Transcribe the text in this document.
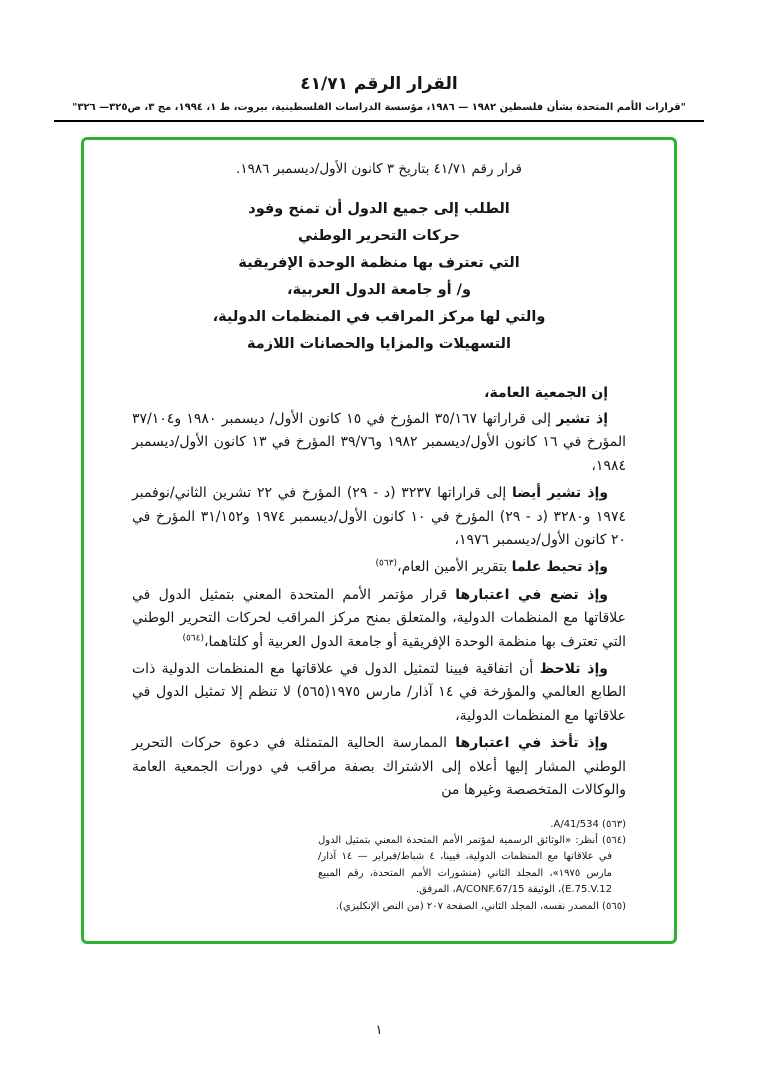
القرار الرقم ٤١/٧١
"قرارات الأمم المتحدة بشأن فلسطين ١٩٨٢ — ١٩٨٦، مؤسسة الدراسات الفلسطينية، بيروت، ط ١، ١٩٩٤، مج ٣، ص٣٢٥— ٣٢٦"

قرار رقم ٤١/٧١ بتاريخ ٣ كانون الأول/ديسمبر ١٩٨٦.

الطلب إلى جميع الدول أن تمنح وفود
حركات التحرير الوطني
التي تعترف بها منظمة الوحدة الإفريقية
و/ أو جامعة الدول العربية،
والتي لها مركز المراقب في المنظمات الدولية،
التسهيلات والمزايا والحصانات اللازمة

إن الجمعية العامة،

إذ تشير إلى قراراتها ٣٥/١٦٧ المؤرخ في ١٥ كانون الأول/ ديسمبر ١٩٨٠ و٣٧/١٠٤ المؤرخ في ١٦ كانون الأول/ديسمبر ١٩٨٢ و٣٩/٧٦ المؤرخ في ١٣ كانون الأول/ديسمبر ١٩٨٤،

وإذ تشير أيضا إلى قراراتها ٣٢٣٧ (د - ٢٩) المؤرخ في ٢٢ تشرين الثاني/نوفمبر ١٩٧٤ و٣٢٨٠ (د - ٢٩) المؤرخ في ١٠ كانون الأول/ديسمبر ١٩٧٤ و٣١/١٥٢ المؤرخ في ٢٠ كانون الأول/ديسمبر ١٩٧٦،

وإذ تحيط علما بتقرير الأمين العام،$^{(٥٦٣)}$

وإذ تضع في اعتبارها قرار مؤتمر الأمم المتحدة المعني بتمثيل الدول في علاقاتها مع المنظمات الدولية، والمتعلق بمنح مركز المراقب لحركات التحرير الوطني التي تعترف بها منظمة الوحدة الإفريقية أو جامعة الدول العربية أو كلتاهما،$^{(٥٦٤)}$

وإذ تلاحظ أن اتفاقية فيينا لتمثيل الدول في علاقاتها مع المنظمات الدولية ذات الطابع العالمي والمؤرخة في ١٤ آذار/ مارس ١٩٧٥(٥٦٥) لا تنظم إلا تمثيل الدول في علاقاتها مع المنظمات الدولية،

وإذ تأخذ في اعتبارها الممارسة الحالية المتمثلة في دعوة حركات التحرير الوطني المشار إليها أعلاه إلى الاشتراك بصفة مراقب في دورات الجمعية العامة والوكالات المتخصصة وغيرها من

(٥٦٣) A/41/534.

(٥٦٤) أنظر: «الوثائق الرسمية لمؤتمر الأمم المتحدة المعني بتمثيل الدول في علاقاتها مع المنظمات الدولية، فيينا، ٤ شباط/فبراير — ١٤ آذار/ مارس ١٩٧٥»، المجلد الثاني (منشورات الأمم المتحدة، رقم المبيع E.75.V.12)، الوثيقة A/CONF.67/15، المرفق.

(٥٦٥) المصدر نفسه، المجلد الثاني، الصفحة ٢٠٧ (من النص الإنكليزي).

١
